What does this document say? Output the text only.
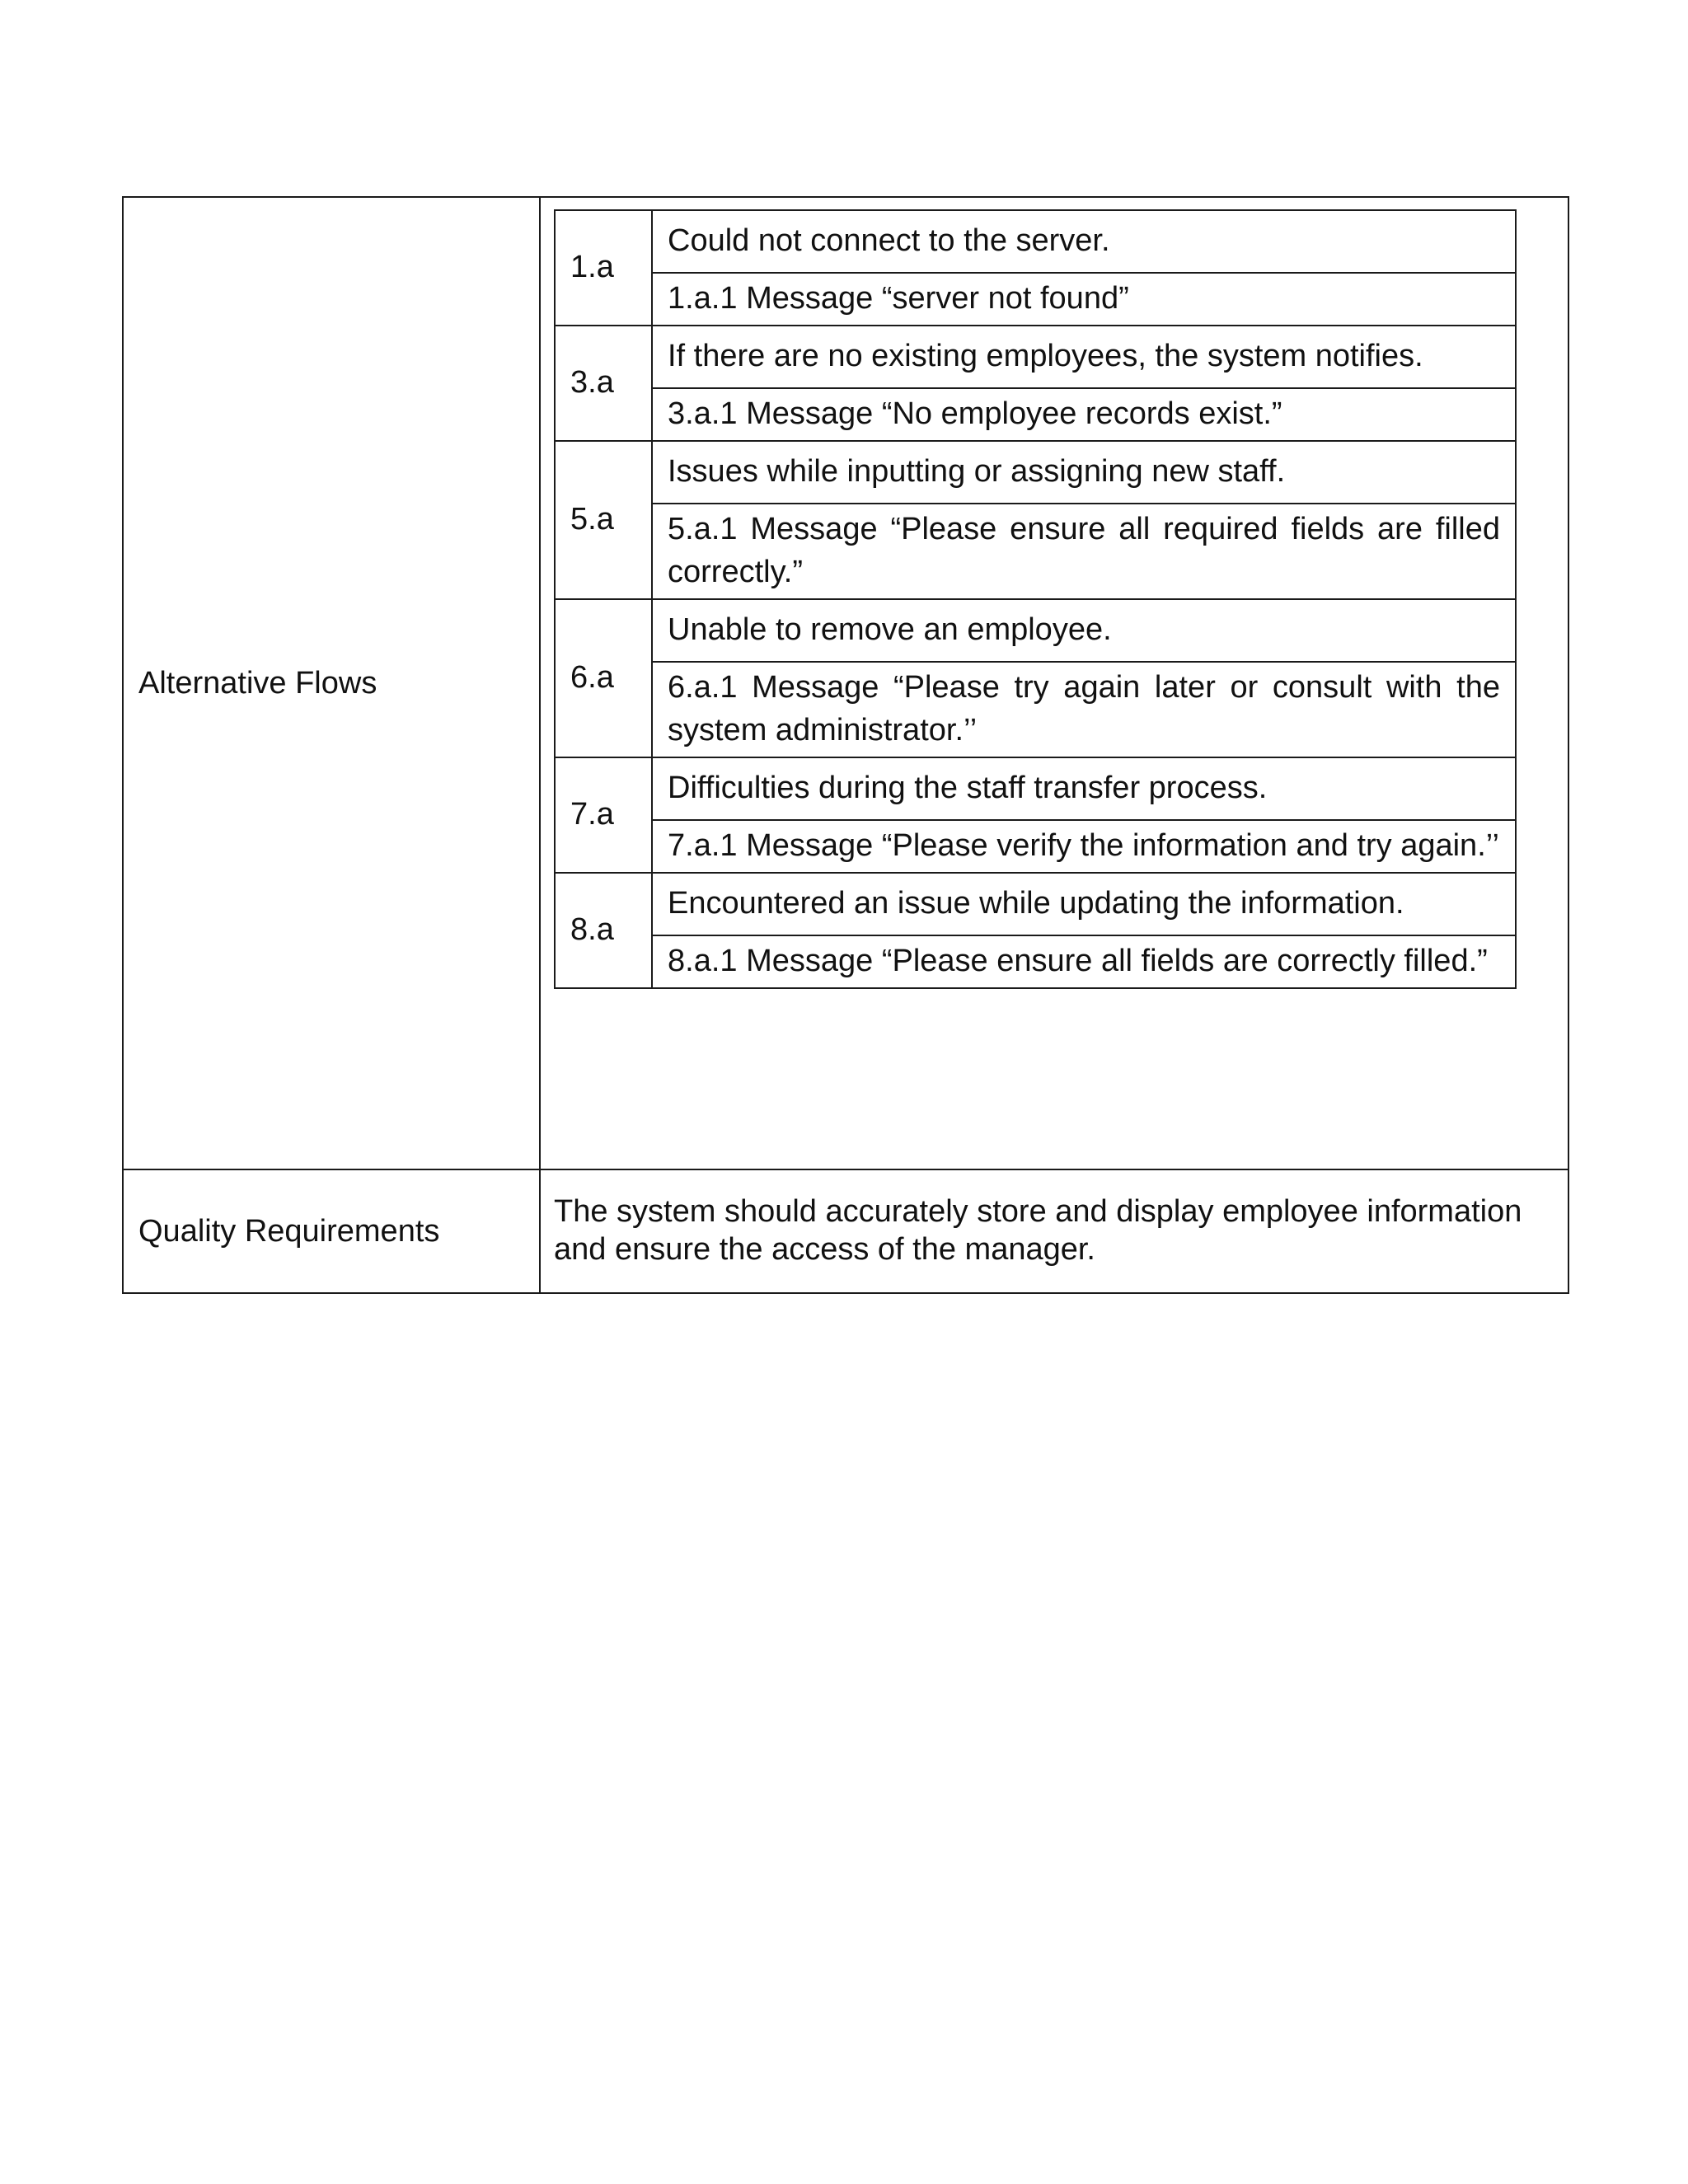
Alternative Flows	
1.a	Could not connect to the server.
1.a.1 Message “server not found”
3.a	If there are no existing employees, the system notifies.
3.a.1 Message “No employee records exist.”
5.a	Issues while inputting or assigning new staff.
5.a.1 Message “Please ensure all required fields are filled correctly.”
6.a	Unable to remove an employee.
6.a.1 Message “Please try again later or consult with the system administrator.’’
7.a	Difficulties during the staff transfer process.
7.a.1 Message “Please verify the information and try again.’’
8.a	Encountered an issue while updating the information.
8.a.1 Message “Please ensure all fields are correctly filled.”

Quality Requirements	The system should accurately store and display employee information and ensure the access of the manager.
